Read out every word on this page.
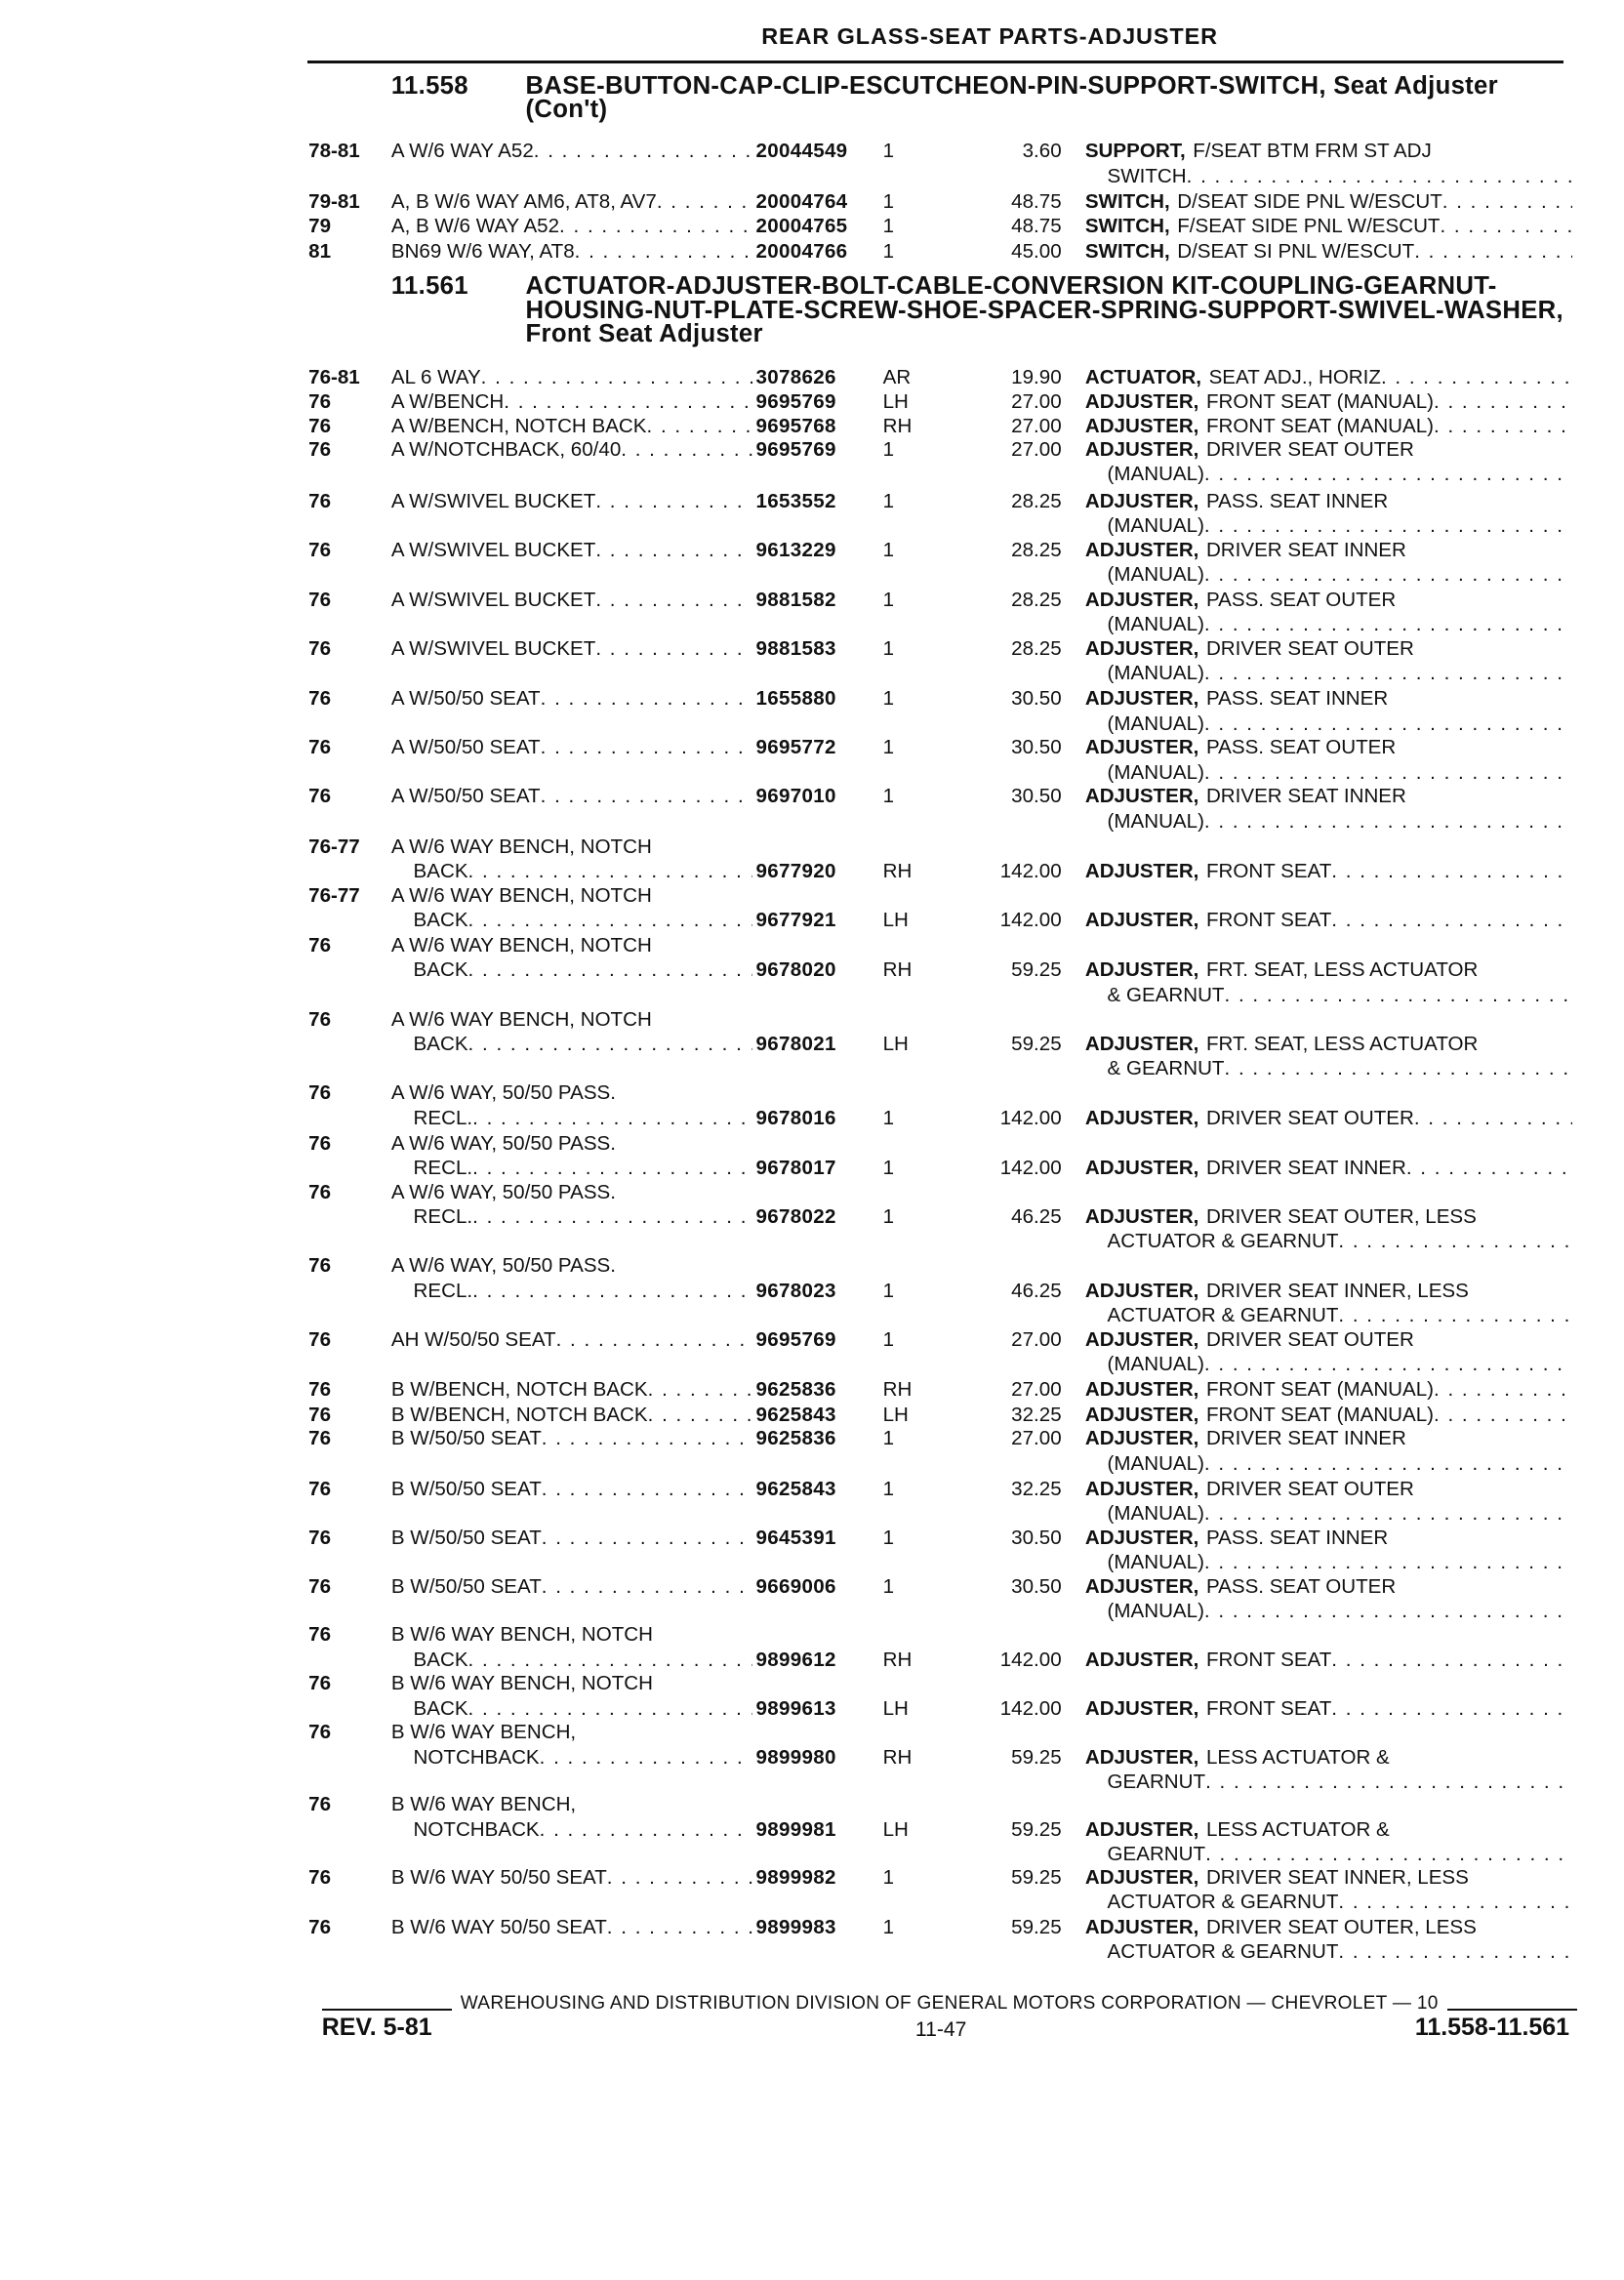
REAR GLASS-SEAT PARTS-ADJUSTER
11.558	BASE-BUTTON-CAP-CLIP-ESCUTCHEON-PIN-SUPPORT-SWITCH, Seat Adjuster (Con't)
11.561	ACTUATOR-ADJUSTER-BOLT-CABLE-CONVERSION KIT-COUPLING-GEARNUT-HOUSING-NUT-PLATE-SCREW-SHOE-SPACER-SPRING-SUPPORT-SWIVEL-WASHER, Front Seat Adjuster
78-81 A W/6 WAY A52 . . .	20044549 1	3.60 SUPPORT, F/SEAT BTM FRM ST ADJ
SWITCH
. . .
79-81 A, B W/6 WAY AM6, AT8, AV7 . . .	20004764 1	48.75 SWITCH, D/SEAT SIDE PNL W/ESCUT
. . .
79	A, B W/6 WAY A52 . . .	20004765 1	48.75 SWITCH, F/SEAT SIDE PNL W/ESCUT
. . .
81	BN69 W/6 WAY, AT8 . . .	20004766 1	45.00 SWITCH, D/SEAT SI PNL W/ESCUT
. . .
76-81 AL 6 WAY . . .	3078626 AR	19.90 ACTUATOR, SEAT ADJ., HORIZ
. . .
76	A W/BENCH . . .	9695769 LH	27.00 ADJUSTER, FRONT SEAT (MANUAL)
. . .
76	A W/BENCH, NOTCH BACK . . .	9695768 RH	27.00 ADJUSTER, FRONT SEAT (MANUAL)
. . .
76	A W/NOTCHBACK, 60/40 . . .	9695769 1	27.00 ADJUSTER, DRIVER SEAT OUTER
(MANUAL)
. . .
76	A W/SWIVEL BUCKET . . .	1653552 1	28.25 ADJUSTER, PASS. SEAT INNER
(MANUAL)
. . .
76	A W/SWIVEL BUCKET . . .	9613229 1	28.25 ADJUSTER, DRIVER SEAT INNER
(MANUAL)
. . .
76	A W/SWIVEL BUCKET . . .	9881582 1	28.25 ADJUSTER, PASS. SEAT OUTER
(MANUAL)
. . .
76	A W/SWIVEL BUCKET . . .	9881583 1	28.25 ADJUSTER, DRIVER SEAT OUTER
(MANUAL)
. . .
76	A W/50/50 SEAT . . .	1655880 1	30.50 ADJUSTER, PASS. SEAT INNER
(MANUAL)
. . .
76	A W/50/50 SEAT . . .	9695772 1	30.50 ADJUSTER, PASS. SEAT OUTER
(MANUAL)
. . .
76	A W/50/50 SEAT . . .	9697010 1	30.50 ADJUSTER, DRIVER SEAT INNER
(MANUAL)
. . .
76-77 A W/6 WAY BENCH, NOTCH
BACK . . .	9677920 RH	142.00 ADJUSTER, FRONT SEAT
. . .
76-77 A W/6 WAY BENCH, NOTCH
BACK . . .	9677921 LH	142.00 ADJUSTER, FRONT SEAT
. . .
76	A W/6 WAY BENCH, NOTCH
BACK . . .	9678020 RH	59.25 ADJUSTER, FRT. SEAT, LESS ACTUATOR
& GEARNUT
. . .
76	A W/6 WAY BENCH, NOTCH
BACK . . .	9678021 LH	59.25 ADJUSTER, FRT. SEAT, LESS ACTUATOR
& GEARNUT
. . .
76	A W/6 WAY, 50/50 PASS.
RECL. . . .	9678016 1	142.00 ADJUSTER, DRIVER SEAT OUTER
. . .
76	A W/6 WAY, 50/50 PASS.
RECL. . . .	9678017 1	142.00 ADJUSTER, DRIVER SEAT INNER
. . .
76	A W/6 WAY, 50/50 PASS.
RECL. . . .	9678022 1	46.25 ADJUSTER, DRIVER SEAT OUTER, LESS
ACTUATOR & GEARNUT
. . .
76	A W/6 WAY, 50/50 PASS.
RECL. . . .	9678023 1	46.25 ADJUSTER, DRIVER SEAT INNER, LESS
ACTUATOR & GEARNUT
. . .
76	AH W/50/50 SEAT . . .	9695769 1	27.00 ADJUSTER, DRIVER SEAT OUTER
(MANUAL)
. . .
76	B W/BENCH, NOTCH BACK . . .	9625836 RH	27.00 ADJUSTER, FRONT SEAT (MANUAL)
. . .
76	B W/BENCH, NOTCH BACK . . .	9625843 LH	32.25 ADJUSTER, FRONT SEAT (MANUAL)
. . .
76	B W/50/50 SEAT . . .	9625836 1	27.00 ADJUSTER, DRIVER SEAT INNER
(MANUAL)
. . .
76	B W/50/50 SEAT . . .	9625843 1	32.25 ADJUSTER, DRIVER SEAT OUTER
(MANUAL)
. . .
76	B W/50/50 SEAT . . .	9645391 1	30.50 ADJUSTER, PASS. SEAT INNER
(MANUAL)
. . .
76	B W/50/50 SEAT . . .	9669006 1	30.50 ADJUSTER, PASS. SEAT OUTER
(MANUAL)
. . .
76	B W/6 WAY BENCH, NOTCH
BACK . . .	9899612 RH	142.00 ADJUSTER, FRONT SEAT
. . .
76	B W/6 WAY BENCH, NOTCH
BACK . . .	9899613 LH	142.00 ADJUSTER, FRONT SEAT
. . .
76	B W/6 WAY BENCH,
NOTCHBACK . . .	9899980 RH	59.25 ADJUSTER, LESS ACTUATOR &
GEARNUT
. . .
76	B W/6 WAY BENCH,
NOTCHBACK . . .	9899981 LH	59.25 ADJUSTER, LESS ACTUATOR &
GEARNUT
. . .
76	B W/6 WAY 50/50 SEAT . . .	9899982 1	59.25 ADJUSTER, DRIVER SEAT INNER, LESS
ACTUATOR & GEARNUT
. . .
76	B W/6 WAY 50/50 SEAT . . .	9899983 1	59.25 ADJUSTER, DRIVER SEAT OUTER, LESS
ACTUATOR & GEARNUT
. . .
WAREHOUSING AND DISTRIBUTION DIVISION OF GENERAL MOTORS CORPORATION — CHEVROLET — 10
REV. 5-81	11-47	11.558-11.561
